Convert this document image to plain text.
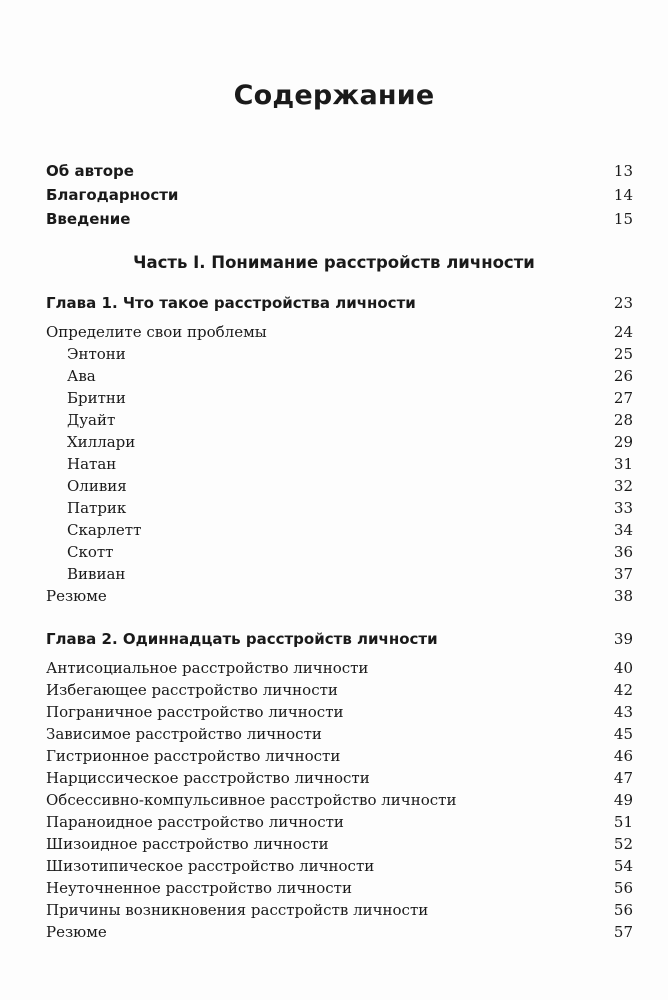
Содержание
Об авторе	13
Благодарности	14
Введение	15
Часть I. Понимание расстройств личности
Глава 1. Что такое расстройства личности	23
Определите свои проблемы	24
Энтони	25
Ава	26
Бритни	27
Дуайт	28
Хиллари	29
Натан	31
Оливия	32
Патрик	33
Скарлетт	34
Скотт	36
Вивиан	37
Резюме	38
Глава 2. Одиннадцать расстройств личности	39
Антисоциальное расстройство личности	40
Избегающее расстройство личности	42
Пограничное расстройство личности	43
Зависимое расстройство личности	45
Гистрионное расстройство личности	46
Нарциссическое расстройство личности	47
Обсессивно-компульсивное расстройство личности	49
Параноидное расстройство личности	51
Шизоидное расстройство личности	52
Шизотипическое расстройство личности	54
Неуточненное расстройство личности	56
Причины возникновения расстройств личности	56
Резюме	57
